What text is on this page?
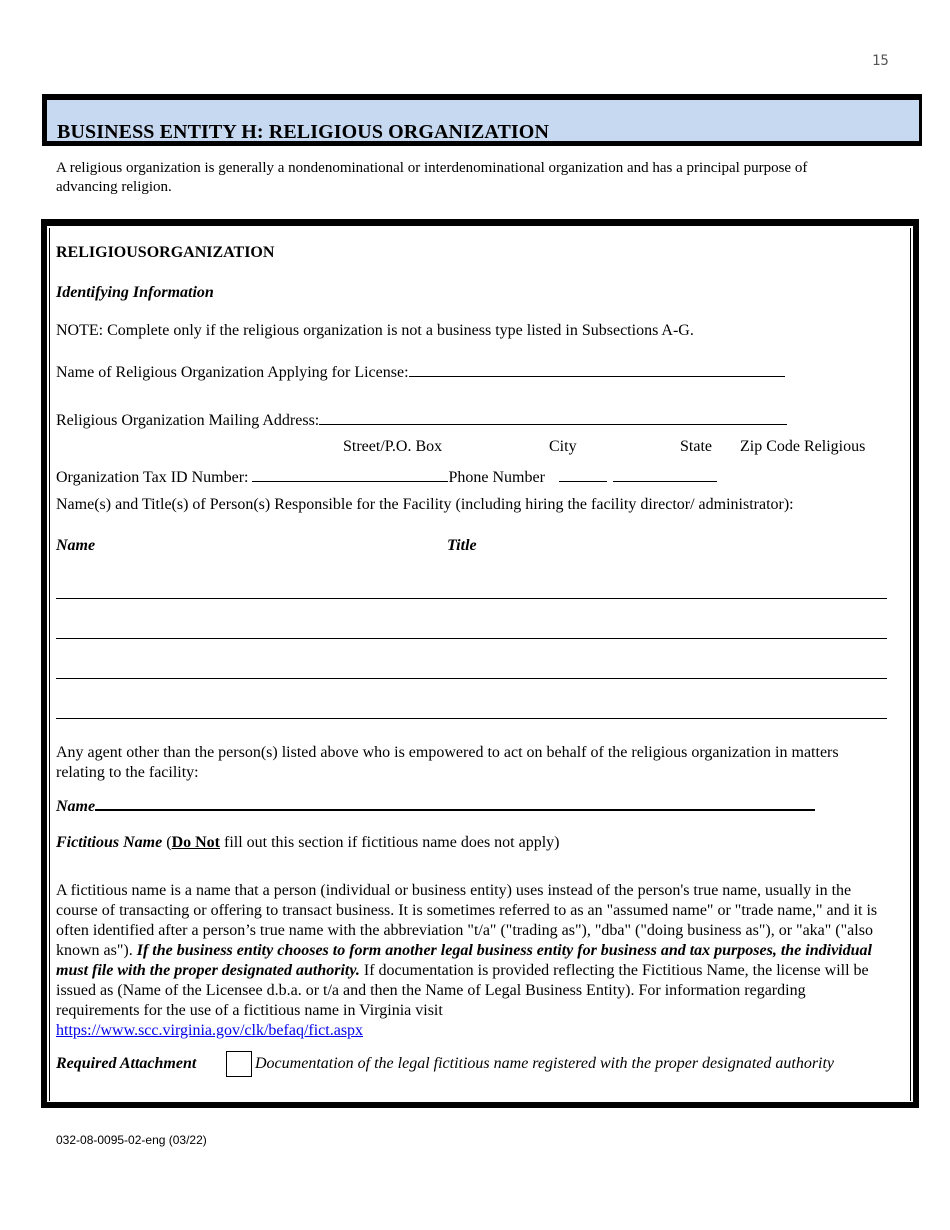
15
BUSINESS ENTITY H: RELIGIOUS ORGANIZATION
A religious organization is generally a nondenominational or interdenominational organization and has a principal purpose of advancing religion.
RELIGIOUSORGANIZATION
Identifying Information
NOTE: Complete only if the religious organization is not a business type listed in Subsections A-G.
Name of Religious Organization Applying for License:
Religious Organization Mailing Address:
Street/P.O. Box	City	State Zip Code Religious
Organization Tax ID Number:	Phone Number
Name(s) and Title(s) of Person(s) Responsible for the Facility (including hiring the facility director/ administrator):
Name	Title
Any agent other than the person(s) listed above who is empowered to act on behalf of the religious organization in matters relating to the facility:
Name
Fictitious Name (Do Not fill out this section if fictitious name does not apply)
A fictitious name is a name that a person (individual or business entity) uses instead of the person's true name, usually in the course of transacting or offering to transact business. It is sometimes referred to as an "assumed name" or "trade name," and it is often identified after a person’s true name with the abbreviation "t/a" ("trading as"), "dba" ("doing business as"), or "aka" ("also known as"). If the business entity chooses to form another legal business entity for business and tax purposes, the individual must file with the proper designated authority. If documentation is provided reflecting the Fictitious Name, the license will be issued as (Name of the Licensee d.b.a. or t/a and then the Name of Legal Business Entity). For information regarding requirements for the use of a fictitious name in Virginia visit
https://www.scc.virginia.gov/clk/befaq/fict.aspx
Required Attachment	Documentation of the legal fictitious name registered with the proper designated authority
032-08-0095-02-eng (03/22)
